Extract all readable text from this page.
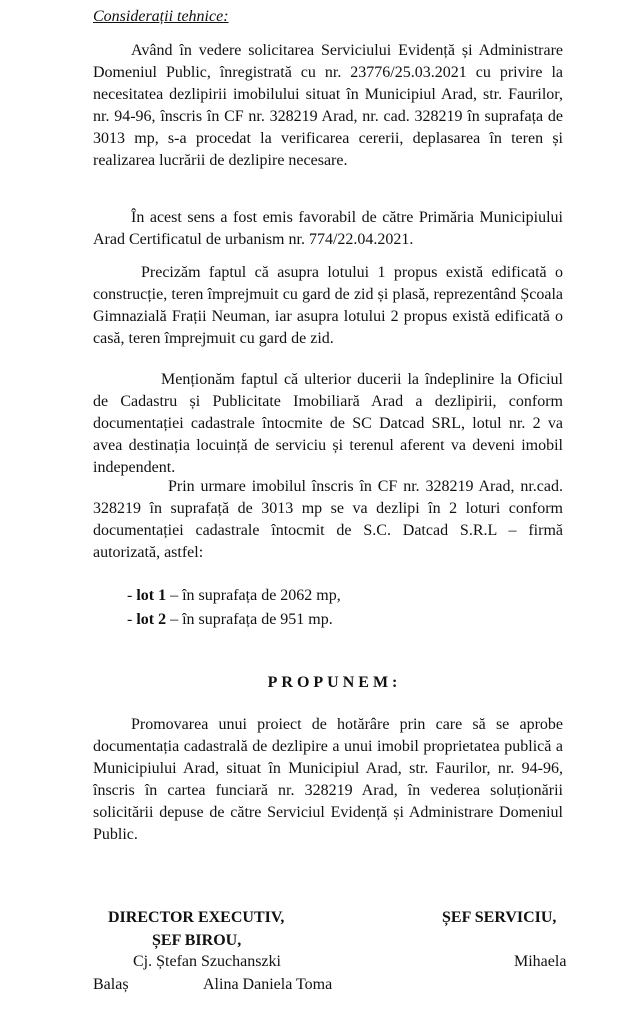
Considerații tehnice:

Având în vedere solicitarea Serviciului Evidență și Administrare Domeniul Public, înregistrată cu nr. 23776/25.03.2021 cu privire la necesitatea dezlipirii imobilului situat în Municipiul Arad, str. Faurilor, nr. 94-96, înscris în CF nr. 328219 Arad, nr. cad. 328219 în suprafața de 3013 mp, s-a procedat la verificarea cererii, deplasarea în teren și realizarea lucrării de dezlipire necesare.

În acest sens a fost emis favorabil de către Primăria Municipiului Arad Certificatul de urbanism nr. 774/22.04.2021.

Precizăm faptul că asupra lotului 1 propus există edificată o construcție, teren împrejmuit cu gard de zid și plasă, reprezentând Școala Gimnazială Frații Neuman, iar asupra lotului 2 propus există edificată o casă, teren împrejmuit cu gard de zid.

Menționăm faptul că ulterior ducerii la îndeplinire la Oficiul de Cadastru și Publicitate Imobiliară Arad a dezlipirii, conform documentației cadastrale întocmite de SC Datcad SRL, lotul nr. 2 va avea destinația locuință de serviciu și terenul aferent va deveni imobil independent.

Prin urmare imobilul înscris în CF nr. 328219 Arad, nr.cad. 328219 în suprafață de 3013 mp se va dezlipi în 2 loturi conform documentației cadastrale întocmit de S.C. Datcad S.R.L – firmă autorizată, astfel:

- lot 1 – în suprafața de 2062 mp,
- lot 2 – în suprafața de 951 mp.
PROPUNEM:

Promovarea unui proiect de hotărâre prin care să se aprobe documentația cadastrală de dezlipire a unui imobil proprietatea publică a Municipiului Arad, situat în Municipiul Arad, str. Faurilor, nr. 94-96, înscris în cartea funciară nr. 328219 Arad, în vederea soluționării solicitării depuse de către Serviciul Evidență și Administrare Domeniul Public.

DIRECTOR EXECUTIV,
ȘEF BIROU,
ȘEF SERVICIU,
Cj. Ștefan Szuchanszki	Mihaela
Balaș	Alina Daniela Toma
